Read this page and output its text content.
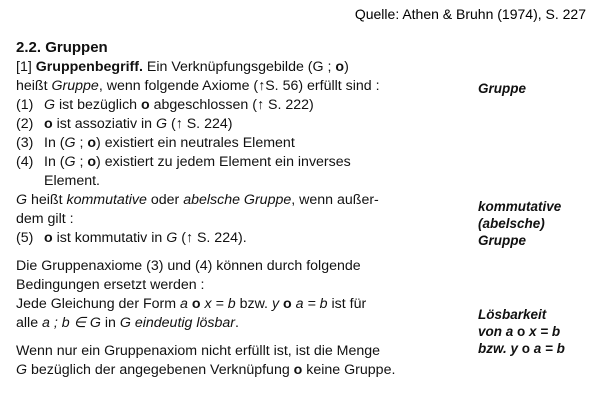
Quelle: Athen & Bruhn (1974), S. 227
2.2. Gruppen
[1] Gruppenbegriff. Ein Verknüpfungsgebilde (G ; o)
heißt Gruppe, wenn folgende Axiome (↑S. 56) erfüllt sind :
(1) G ist bezüglich o abgeschlossen (↑ S. 222)
(2) o ist assoziativ in G (↑ S. 224)
(3) In (G ; o) existiert ein neutrales Element
(4) In (G ; o) existiert zu jedem Element ein inverses
Element.
G heißt kommutative oder abelsche Gruppe, wenn außer-
dem gilt :
(5) o ist kommutativ in G (↑ S. 224).
Die Gruppenaxiome (3) und (4) können durch folgende
Bedingungen ersetzt werden :
Jede Gleichung der Form a o x = b bzw. y o a = b ist für
alle a ; b ∈ G in G eindeutig lösbar.
Wenn nur ein Gruppenaxiom nicht erfüllt ist, ist die Menge
G bezüglich der angegebenen Verknüpfung o keine Gruppe.
Gruppe
kommutative
(abelsche)
Gruppe
Lösbarkeit
von a o x = b
bzw. y o a = b
